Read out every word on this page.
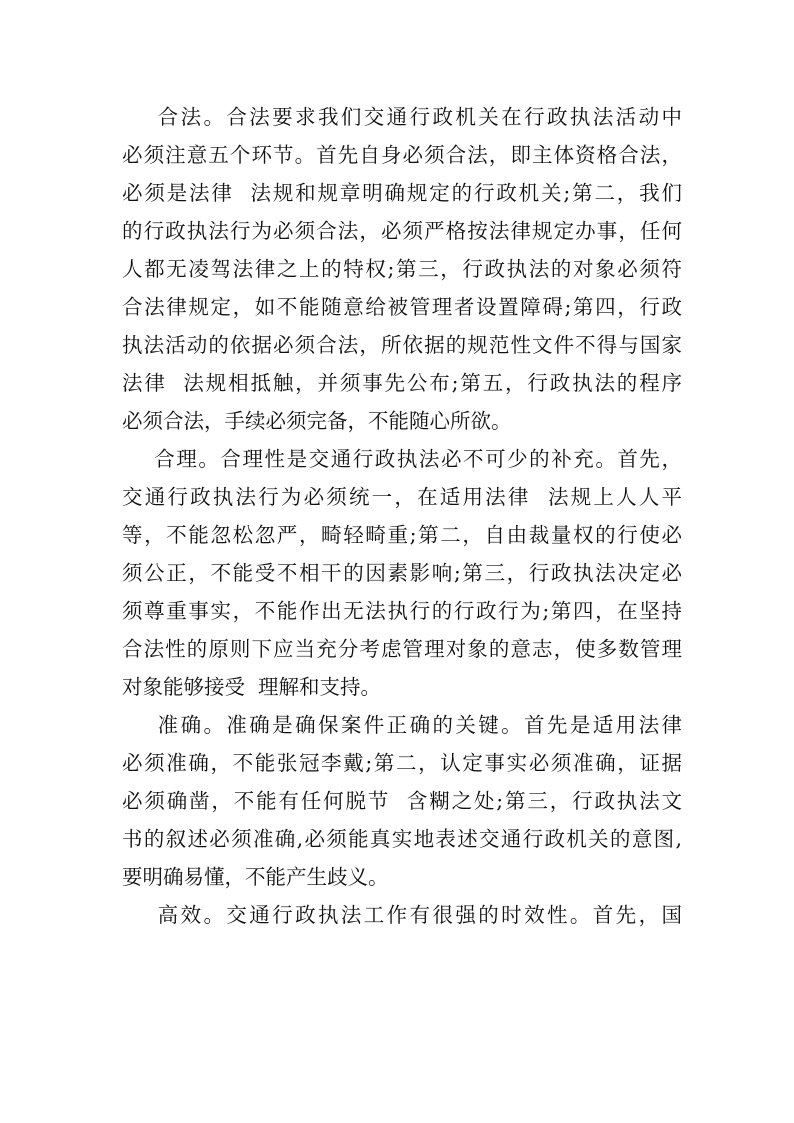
合法。合法要求我们交通行政机关在行政执法活动中
必须注意五个环节。首先自身必须合法，即主体资格合法，
必须是法律  法规和规章明确规定的行政机关;第二，我们
的行政执法行为必须合法，必须严格按法律规定办事，任何
人都无凌驾法律之上的特权;第三，行政执法的对象必须符
合法律规定，如不能随意给被管理者设置障碍;第四，行政
执法活动的依据必须合法，所依据的规范性文件不得与国家
法律  法规相抵触，并须事先公布;第五，行政执法的程序
必须合法，手续必须完备，不能随心所欲。
合理。合理性是交通行政执法必不可少的补充。首先，
交通行政执法行为必须统一，在适用法律  法规上人人平
等，不能忽松忽严，畸轻畸重;第二，自由裁量权的行使必
须公正，不能受不相干的因素影响;第三，行政执法决定必
须尊重事实，不能作出无法执行的行政行为;第四，在坚持
合法性的原则下应当充分考虑管理对象的意志，使多数管理
对象能够接受  理解和支持。
准确。准确是确保案件正确的关键。首先是适用法律
必须准确，不能张冠李戴;第二，认定事实必须准确，证据
必须确凿，不能有任何脱节  含糊之处;第三，行政执法文
书的叙述必须准确,必须能真实地表述交通行政机关的意图,
要明确易懂，不能产生歧义。
高效。交通行政执法工作有很强的时效性。首先，国
